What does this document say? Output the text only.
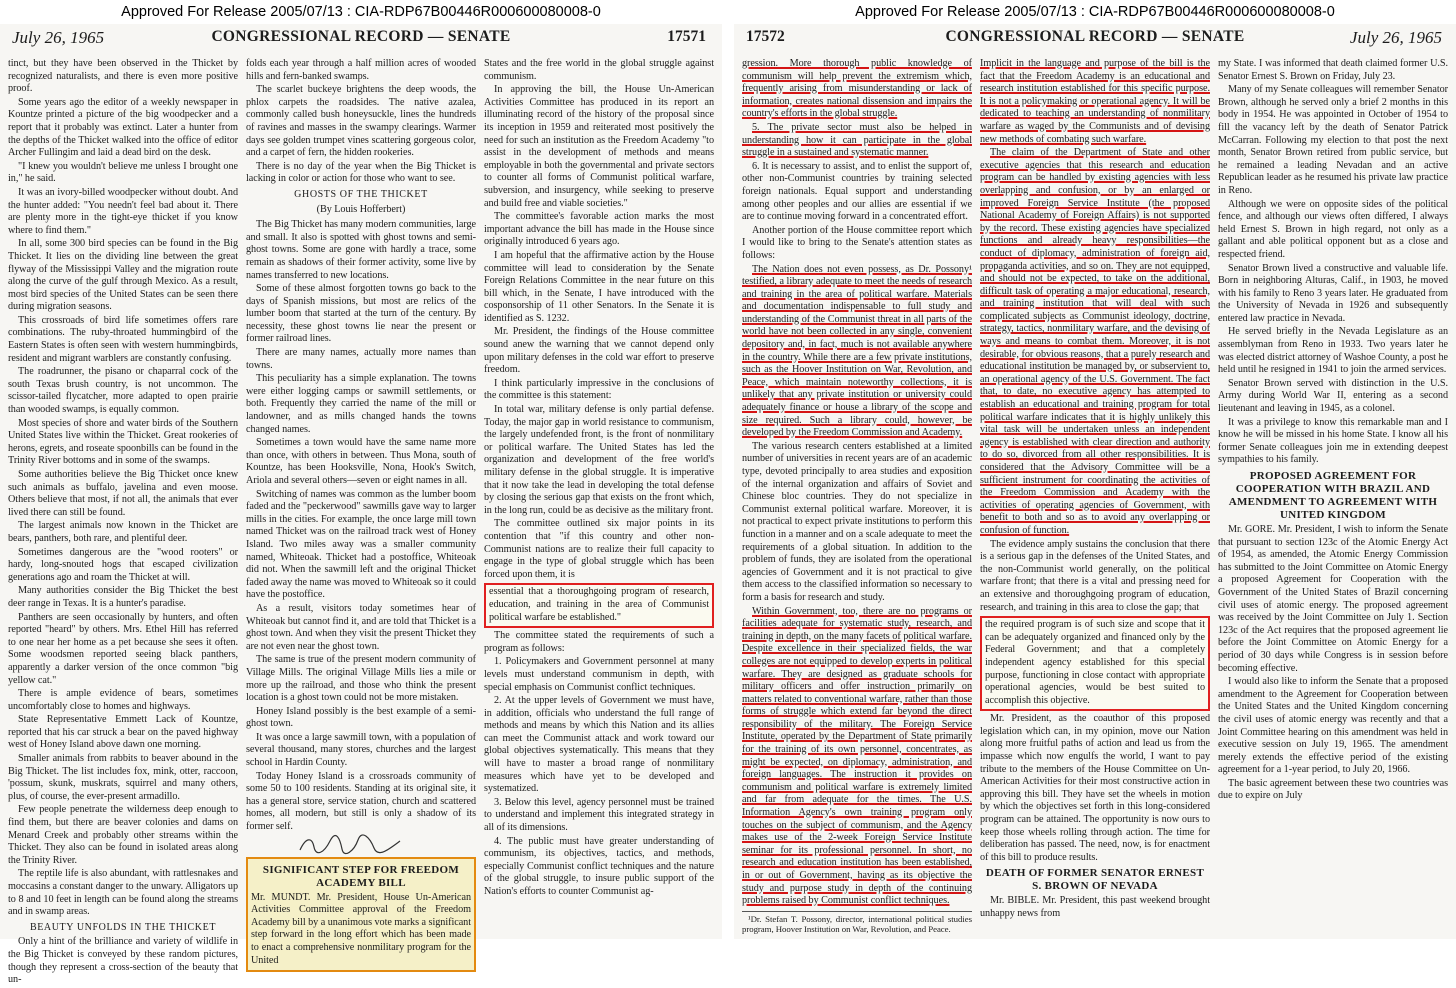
Approved For Release 2005/07/13 : CIA-RDP67B00446R000600080008-0
CONGRESSIONAL RECORD — SENATE
July 26, 1965	17571

tinct, but they have been observed in the Thicket by recognized naturalists, and there is even more positive proof.

Some years ago the editor of a weekly newspaper in Kountze printed a picture of the big woodpecker and a report that it probably was extinct. Later a hunter from the depths of the Thicket walked into the office of editor Archer Fullingim and laid a dead bird on the desk.

"I knew you wouldn't believe me unless I brought one in," he said.

It was an ivory-billed woodpecker without doubt. And the hunter added: "You needn't feel bad about it. There are plenty more in the tight-eye thicket if you know where to find them."

In all, some 300 bird species can be found in the Big Thicket. It lies on the dividing line between the great flyway of the Mississippi Valley and the migration route along the curve of the gulf through Mexico. As a result, most bird species of the United States can be seen there during migration seasons.

This crossroads of bird life sometimes offers rare combinations. The ruby-throated hummingbird of the Eastern States is often seen with western hummingbirds, resident and migrant warblers are constantly confusing.

The roadrunner, the pisano or chaparral cock of the south Texas brush country, is not uncommon. The scissor-tailed flycatcher, more adapted to open prairie than wooded swamps, is equally common.

Most species of shore and water birds of the Southern United States live within the Thicket. Great rookeries of herons, egrets, and roseate spoonbills can be found in the Trinity River bottoms and in some of the swamps.

Some authorities believe the Big Thicket once knew such animals as buffalo, javelina and even moose. Others believe that most, if not all, the animals that ever lived there can still be found.

The largest animals now known in the Thicket are bears, panthers, both rare, and plentiful deer.

Sometimes dangerous are the "wood rooters" or hardy, long-snouted hogs that escaped civilization generations ago and roam the Thicket at will.

Many authorities consider the Big Thicket the best deer range in Texas. It is a hunter's paradise.

Panthers are seen occasionally by hunters, and often reported "heard" by others. Mrs. Ethel Hill has referred to one near her home as a pet because she sees it often. Some woodsmen reported seeing black panthers, apparently a darker version of the once common "big yellow cat."

There is ample evidence of bears, sometimes uncomfortably close to homes and highways.

State Representative Emmett Lack of Kountze, reported that his car struck a bear on the paved highway west of Honey Island above dawn one morning.

Smaller animals from rabbits to beaver abound in the Big Thicket. The list includes fox, mink, otter, raccoon, 'possum, skunk, muskrats, squirrel and many others, plus, of course, the ever-present armadillo.

Few people penetrate the wilderness deep enough to find them, but there are beaver colonies and dams on Menard Creek and probably other streams within the Thicket. They also can be found in isolated areas along the Trinity River.

The reptile life is also abundant, with rattlesnakes and moccasins a constant danger to the unwary. Alligators up to 8 and 10 feet in length can be found along the streams and in swamp areas.

BEAUTY UNFOLDS IN THE THICKET

Only a hint of the brilliance and variety of wildlife in the Big Thicket is conveyed by these random pictures, though they represent a cross-section of the beauty that un-

folds each year through a half million acres of wooded hills and fern-banked swamps.

The scarlet buckeye brightens the deep woods, the phlox carpets the roadsides. The native azalea, commonly called bush honeysuckle, lines the hundreds of ravines and masses in the swampy clearings. Warmer days see golden trumpet vines scattering gorgeous color, and a carpet of fern, the hidden rookeries.

There is no day of the year when the Big Thicket is lacking in color or action for those who want to see.

GHOSTS OF THE THICKET

(By Louis Hofferbert)

The Big Thicket has many modern communities, large and small. It also is spotted with ghost towns and semi-ghost towns. Some are gone with hardly a trace, some remain as shadows of their former activity, some live by names transferred to new locations.

Some of these almost forgotten towns go back to the days of Spanish missions, but most are relics of the lumber boom that started at the turn of the century. By necessity, these ghost towns lie near the present or former railroad lines.

There are many names, actually more names than towns.

This peculiarity has a simple explanation. The towns were either logging camps or sawmill settlements, or both. Frequently they carried the name of the mill or landowner, and as mills changed hands the towns changed names.

Sometimes a town would have the same name more than once, with others in between. Thus Mona, south of Kountze, has been Hooksville, Nona, Hook's Switch, Ariola and several others—seven or eight names in all.

Switching of names was common as the lumber boom faded and the "peckerwood" sawmills gave way to larger mills in the cities. For example, the once large mill town named Thicket was on the railroad track west of Honey Island. Two miles away was a smaller community named, Whiteoak. Thicket had a postoffice, Whiteoak did not. When the sawmill left and the original Thicket faded away the name was moved to Whiteoak so it could have the postoffice.

As a result, visitors today sometimes hear of Whiteoak but cannot find it, and are told that Thicket is a ghost town. And when they visit the present Thicket they are not even near the ghost town.

The same is true of the present modern community of Village Mills. The original Village Mills lies a mile or more up the railroad, and those who think the present location is a ghost town could not be more mistaken.

Honey Island possibly is the best example of a semi-ghost town.

It was once a large sawmill town, with a population of several thousand, many stores, churches and the largest school in Hardin County.

Today Honey Island is a crossroads community of some 50 to 100 residents. Standing at its original site, it has a general store, service station, church and scattered homes, all modern, but still is only a shadow of its former self.

SIGNIFICANT STEP FOR FREEDOM ACADEMY BILL

Mr. MUNDT. Mr. President, House Un-American Activities Committee approval of the Freedom Academy bill by a unanimous vote marks a significant step forward in the long effort which has been made to enact a comprehensive nonmilitary program for the United

States and the free world in the global struggle against communism.

In approving the bill, the House Un-American Activities Committee has produced in its report an illuminating record of the history of the proposal since its inception in 1959 and reiterated most positively the need for such an institution as the Freedom Academy "to assist in the development of methods and means employable in both the governmental and private sectors to counter all forms of Communist political warfare, subversion, and insurgency, while seeking to preserve and build free and viable societies."

The committee's favorable action marks the most important advance the bill has made in the House since originally introduced 6 years ago.

I am hopeful that the affirmative action by the House committee will lead to consideration by the Senate Foreign Relations Committee in the near future on this bill which, in the Senate, I have introduced with the cosponsorship of 11 other Senators. In the Senate it is identified as S. 1232.

Mr. President, the findings of the House committee sound anew the warning that we cannot depend only upon military defenses in the cold war effort to preserve freedom.

I think particularly impressive in the conclusions of the committee is this statement:

In total war, military defense is only partial defense. Today, the major gap in world resistance to communism, the largely undefended front, is the front of nonmilitary or political warfare. The United States has led the organization and development of the free world's military defense in the global struggle. It is imperative that it now take the lead in developing the total defense by closing the serious gap that exists on the front which, in the long run, could be as decisive as the military front.

The committee outlined six major points in its contention that "if this country and other non-Communist nations are to realize their full capacity to engage in the type of global struggle which has been forced upon them, it is

essential that a thoroughgoing program of research, education, and training in the area of Communist political warfare be established."

The committee stated the requirements of such a program as follows:

1. Policymakers and Government personnel at many levels must understand communism in depth, with special emphasis on Communist conflict techniques.

2. At the upper levels of Government we must have, in addition, officials who understand the full range of methods and means by which this Nation and its allies can meet the Communist attack and work toward our global objectives systematically. This means that they will have to master a broad range of nonmilitary measures which have yet to be developed and systematized.

3. Below this level, agency personnel must be trained to understand and implement this integrated strategy in all of its dimensions.

4. The public must have greater understanding of communism, its objectives, tactics, and methods, especially Communist conflict techniques and the nature of the global struggle, to insure public support of the Nation's efforts to counter Communist ag-

Approved For Release 2005/07/13 : CIA-RDP67B00446R000600080008-0
CONGRESSIONAL RECORD — SENATE
17572	July 26, 1965

gression. More thorough public knowledge of communism will help prevent the extremism which, frequently arising from misunderstanding or lack of information, creates national dissension and impairs the country's efforts in the global struggle.

5. The private sector must also be helped in understanding how it can participate in the global struggle in a sustained and systematic manner.

6. It is necessary to assist, and to enlist the support of, other non-Communist countries by training selected foreign nationals. Equal support and understanding among other peoples and our allies are essential if we are to continue moving forward in a concentrated effort.

Another portion of the House committee report which I would like to bring to the Senate's attention states as follows:

The Nation does not even possess, as Dr. Possony¹ testified, a library adequate to meet the needs of research and training in the area of political warfare. Materials and documentation indispensable to full study and understanding of the Communist threat in all parts of the world have not been collected in any single, convenient depository and, in fact, much is not available anywhere in the country. While there are a few private institutions, such as the Hoover Institution on War, Revolution, and Peace, which maintain noteworthy collections, it is unlikely that any private institution or university could adequately finance or house a library of the scope and size required. Such a library could, however, be developed by the Freedom Commission and Academy.

The various research centers established at a limited number of universities in recent years are of an academic type, devoted principally to area studies and exposition of the internal organization and affairs of Soviet and Chinese bloc countries. They do not specialize in Communist external political warfare. Moreover, it is not practical to expect private institutions to perform this function in a manner and on a scale adequate to meet the requirements of a global situation. In addition to the problem of funds, they are isolated from the operational agencies of Government and it is not practical to give them access to the classified information so necessary to form a basis for research and study.

Within Government, too, there are no programs or facilities adequate for systematic study, research, and training in depth, on the many facets of political warfare. Despite excellence in their specialized fields, the war colleges are not equipped to develop experts in political warfare. They are designed as graduate schools for military officers and offer instruction primarily on matters related to conventional warfare, rather than those forms of struggle which extend far beyond the direct responsibility of the military. The Foreign Service Institute, operated by the Department of State primarily for the training of its own personnel, concentrates, as might be expected, on diplomacy, administration, and foreign languages. The instruction it provides on communism and political warfare is extremely limited and far from adequate for the times. The U.S. Information Agency's own training program only touches on the subject of communism, and the Agency makes use of the 2-week Foreign Service Institute seminar for its professional personnel. In short, no research and education institution has been established, in or out of Government, having as its objective the study and purpose study in depth of the continuing problems raised by Communist conflict techniques.

¹Dr. Stefan T. Possony, director, international political studies program, Hoover Institution on War, Revolution, and Peace.

Implicit in the language and purpose of the bill is the fact that the Freedom Academy is an educational and research institution established for this specific purpose. It is not a policymaking or operational agency. It will be dedicated to teaching an understanding of nonmilitary warfare as waged by the Communists and of devising new methods of combating such warfare.

The claim of the Department of State and other executive agencies that this research and education program can be handled by existing agencies with less overlapping and confusion, or by an enlarged or improved Foreign Service Institute (the proposed National Academy of Foreign Affairs) is not supported by the record. These existing agencies have specialized functions and already heavy responsibilities—the conduct of diplomacy, administration of foreign aid, propaganda activities, and so on. They are not equipped, and should not be expected, to take on the additional, difficult task of operating a major educational, research, and training institution that will deal with such complicated subjects as Communist ideology, doctrine, strategy, tactics, nonmilitary warfare, and the devising of ways and means to combat them. Moreover, it is not desirable, for obvious reasons, that a purely research and educational institution be managed by, or subservient to, an operational agency of the U.S. Government. The fact that, to date, no executive agency has attempted to establish an educational and training program for total political warfare indicates that it is highly unlikely this vital task will be undertaken unless an independent agency is established with clear direction and authority to do so, divorced from all other responsibilities. It is considered that the Advisory Committee will be a sufficient instrument for coordinating the activities of the Freedom Commission and Academy with the activities of operating agencies of Government, with benefit to both and so as to avoid any overlapping or confusion of function.

The evidence amply sustains the conclusion that there is a serious gap in the defenses of the United States, and the non-Communist world generally, on the political warfare front; that there is a vital and pressing need for an extensive and thoroughgoing program of education, research, and training in this area to close the gap; that

the required program is of such size and scope that it can be adequately organized and financed only by the Federal Government; and that a completely independent agency established for this special purpose, functioning in close contact with appropriate operational agencies, would be best suited to accomplish this objective.

Mr. President, as the coauthor of this proposed legislation which can, in my opinion, move our Nation along more fruitful paths of action and lead us from the impasse which now engulfs the world, I want to pay tribute to the members of the House Committee on Un-American Activities for their most constructive action in approving this bill. They have set the wheels in motion by which the objectives set forth in this long-considered program can be attained. The opportunity is now ours to keep those wheels rolling through action. The time for deliberation has passed. The need, now, is for enactment of this bill to produce results.

DEATH OF FORMER SENATOR ERNEST S. BROWN OF NEVADA

Mr. BIBLE. Mr. President, this past weekend brought unhappy news from

my State. I was informed that death claimed former U.S. Senator Ernest S. Brown on Friday, July 23.

Many of my Senate colleagues will remember Senator Brown, although he served only a brief 2 months in this body in 1954. He was appointed in October of 1954 to fill the vacancy left by the death of Senator Patrick McCarran. Following my election to that post the next month, Senator Brown retired from public service, but he remained a leading Nevadan and an active Republican leader as he resumed his private law practice in Reno.

Although we were on opposite sides of the political fence, and although our views often differed, I always held Ernest S. Brown in high regard, not only as a gallant and able political opponent but as a close and respected friend.

Senator Brown lived a constructive and valuable life. Born in neighboring Alturas, Calif., in 1903, he moved with his family to Reno 3 years later. He graduated from the University of Nevada in 1926 and subsequently entered law practice in Nevada.

He served briefly in the Nevada Legislature as an assemblyman from Reno in 1933. Two years later he was elected district attorney of Washoe County, a post he held until he resigned in 1941 to join the armed services.

Senator Brown served with distinction in the U.S. Army during World War II, entering as a second lieutenant and leaving in 1945, as a colonel.

It was a privilege to know this remarkable man and I know he will be missed in his home State. I know all his former Senate colleagues join me in extending deepest sympathies to his family.

PROPOSED AGREEMENT FOR COOPERATION WITH BRAZIL AND AMENDMENT TO AGREEMENT WITH UNITED KINGDOM

Mr. GORE. Mr. President, I wish to inform the Senate that pursuant to section 123c of the Atomic Energy Act of 1954, as amended, the Atomic Energy Commission has submitted to the Joint Committee on Atomic Energy a proposed Agreement for Cooperation with the Government of the United States of Brazil concerning civil uses of atomic energy. The proposed agreement was received by the Joint Committee on July 1. Section 123c of the Act requires that the proposed agreement lie before the Joint Committee on Atomic Energy for a period of 30 days while Congress is in session before becoming effective.

I would also like to inform the Senate that a proposed amendment to the Agreement for Cooperation between the United States and the United Kingdom concerning the civil uses of atomic energy was recently and that a Joint Committee hearing on this amendment was held in executive session on July 19, 1965. The amendment merely extends the effective period of the existing agreement for a 1-year period, to July 20, 1966.

The basic agreement between these two countries was due to expire on July
